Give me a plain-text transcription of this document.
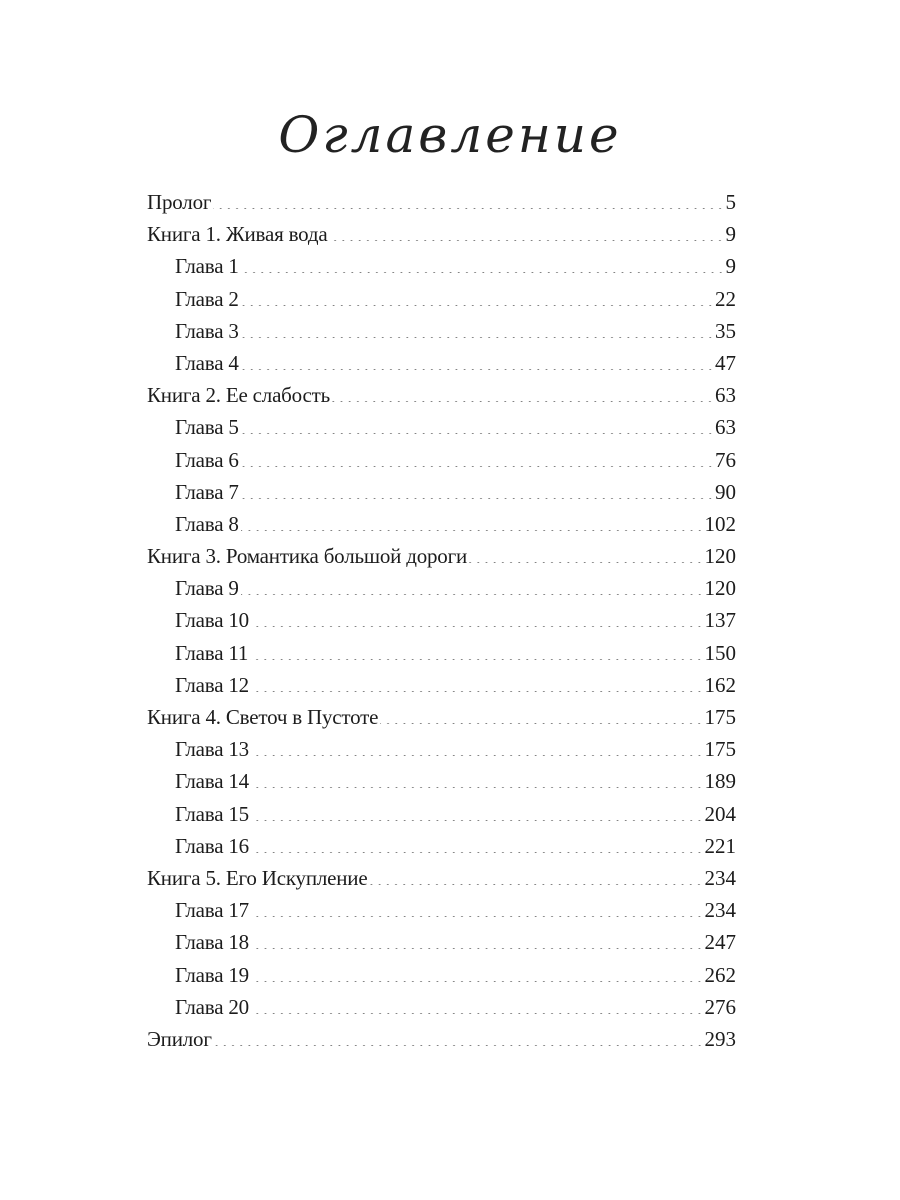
Оглавление
Пролог	5
Книга 1. Живая вода	9
Глава 1	9
Глава 2	22
Глава 3	35
Глава 4	47
Книга 2. Ее слабость	63
Глава 5	63
Глава 6	76
Глава 7	90
Глава 8	102
Книга 3. Романтика большой дороги	120
Глава 9	120
Глава 10	137
Глава 11	150
Глава 12	162
Книга 4. Светоч в Пустоте	175
Глава 13	175
Глава 14	189
Глава 15	204
Глава 16	221
Книга 5. Его Искупление	234
Глава 17	234
Глава 18	247
Глава 19	262
Глава 20	276
Эпилог	293
